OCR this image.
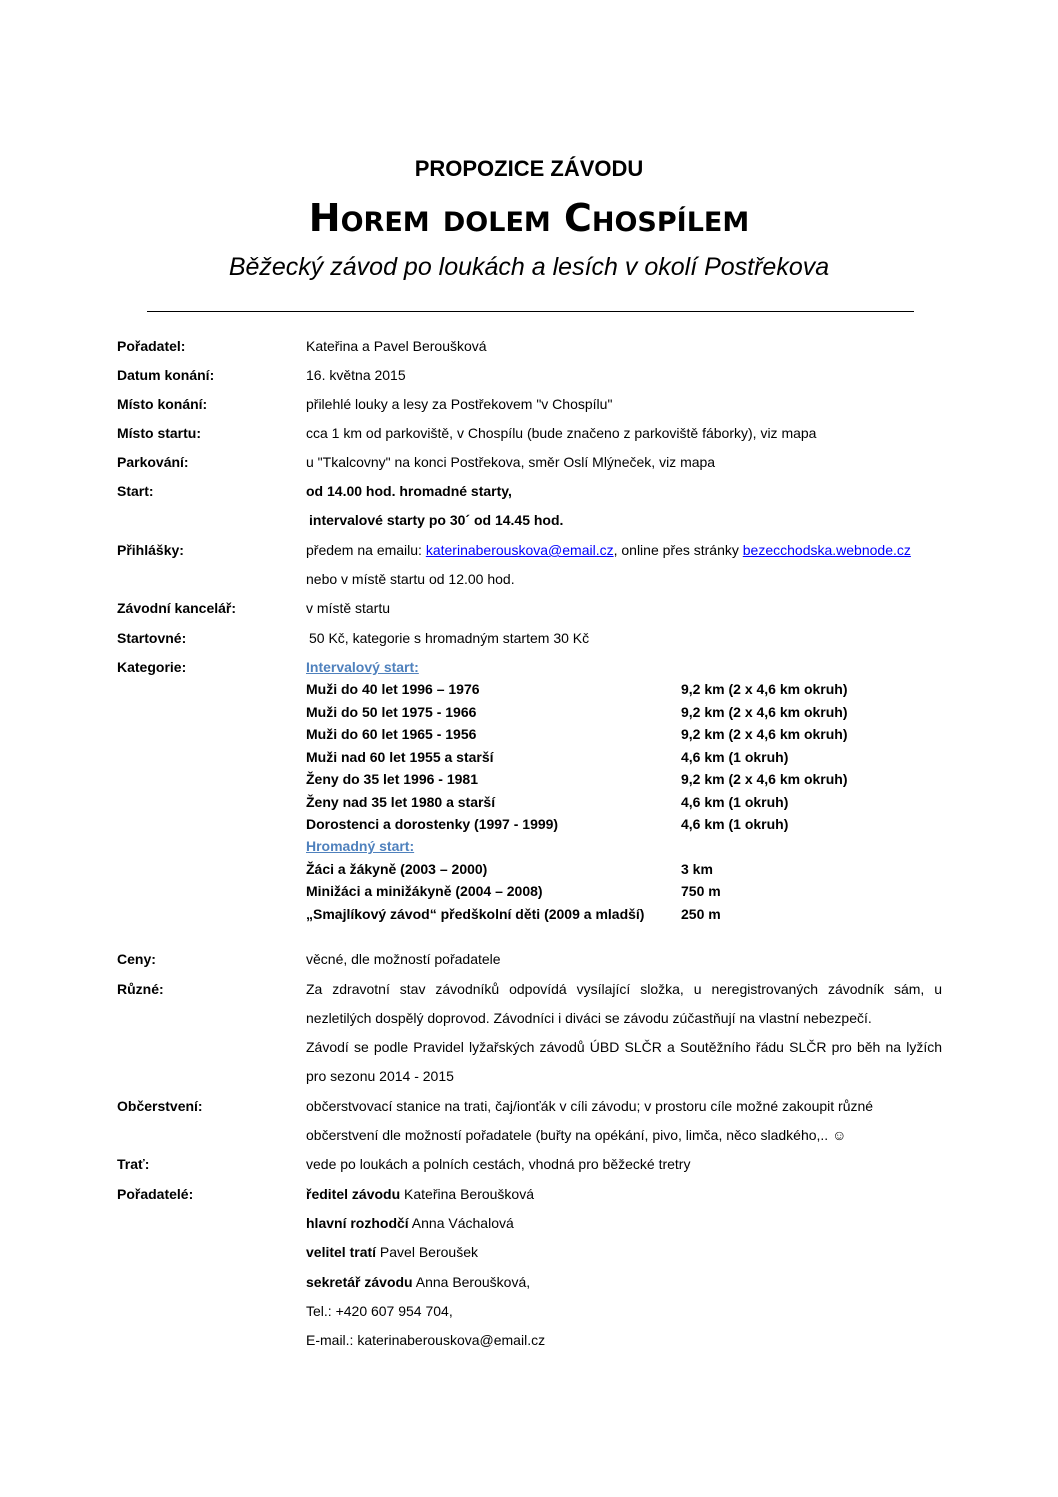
PROPOZICE ZÁVODU
Horem dolem Chospílem
Běžecký závod po loukách a lesích v okolí Postřekova
Pořadatel:	Kateřina a Pavel Beroušková
Datum konání:	16. května 2015
Místo konání:	přilehlé louky a lesy za Postřekovem "v Chospílu"
Místo startu:	cca 1 km od parkoviště, v Chospílu (bude značeno z parkoviště fáborky), viz mapa
Parkování:	u "Tkalcovny" na konci Postřekova, směr Oslí Mlýneček, viz mapa
Start:	od 14.00 hod. hromadné starty,
intervalové starty po 30´ od 14.45 hod.
Přihlášky:	předem na emailu: katerinaberouskova@email.cz, online přes stránky bezecchodska.webnode.cz
nebo v místě startu od 12.00 hod.
Závodní kancelář:	v místě startu
Startovné:	50 Kč, kategorie s hromadným startem 30 Kč
Kategorie:	Intervalový start:
Muži do 40 let 1996 – 1976	9,2 km (2 x 4,6 km okruh)
Muži do 50 let 1975 - 1966	9,2 km (2 x 4,6 km okruh)
Muži do 60 let 1965 - 1956	9,2 km (2 x 4,6 km okruh)
Muži nad 60 let 1955 a starší	4,6 km (1 okruh)
Ženy do 35 let 1996 - 1981	9,2 km (2 x 4,6 km okruh)
Ženy nad 35 let 1980 a starší	4,6 km (1 okruh)
Dorostenci a dorostenky (1997 - 1999)	4,6 km (1 okruh)
Hromadný start:
Žáci a žákyně (2003 – 2000)	3 km
Minižáci a minižákyně (2004 – 2008)	750 m
„Smajlíkový závod“ předškolní děti (2009 a mladší)	250 m
Ceny:	věcné, dle možností pořadatele
Různé:	Za zdravotní stav závodníků odpovídá vysílající složka, u neregistrovaných závodník sám, u
nezletilých dospělý doprovod. Závodníci i diváci se závodu zúčastňují na vlastní nebezpečí.
Závodí se podle Pravidel lyžařských závodů ÚBD SLČR a Soutěžního řádu SLČR pro běh na lyžích
pro sezonu 2014 - 2015
Občerstvení:	občerstvovací stanice na trati, čaj/ionťák v cíli závodu; v prostoru cíle možné zakoupit různé
občerstvení dle možností pořadatele (buřty na opékání, pivo, limča, něco sladkého,.. ☺
Trať:	vede po loukách a polních cestách, vhodná pro běžecké tretry
Pořadatelé:	ředitel závodu Kateřina Beroušková
hlavní rozhodčí Anna Váchalová
velitel tratí Pavel Beroušek
sekretář závodu Anna Beroušková,
Tel.: +420 607 954 704,
E-mail.: katerinaberouskova@email.cz
